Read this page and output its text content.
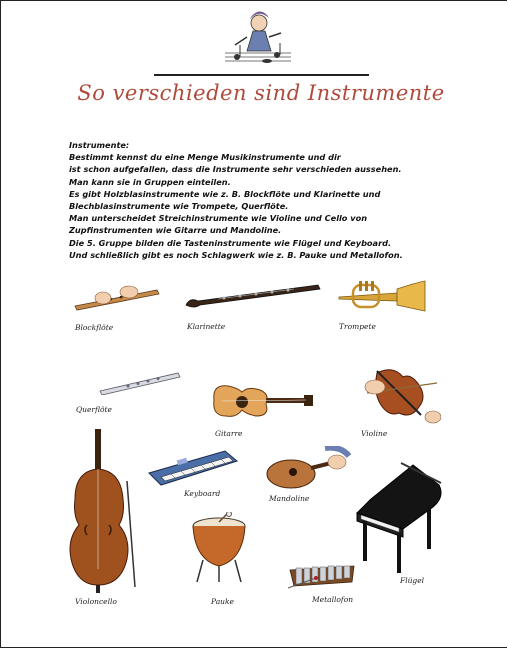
So verschieden sind Instrumente
Instrumente:
Bestimmt kennst du eine Menge Musikinstrumente und dir
ist schon aufgefallen, dass die Instrumente sehr verschieden aussehen.
Man kann sie in Gruppen einteilen.
Es gibt Holzblasinstrumente wie z. B. Blockflöte und Klarinette und
Blechblasinstrumente wie Trompete, Querflöte.
Man unterscheidet Streichinstrumente wie Violine und Cello von
Zupfinstrumenten wie Gitarre und Mandoline.
Die 5. Gruppe bilden die Tasteninstrumente wie Flügel und Keyboard.
Und schließlich gibt es noch Schlagwerk wie z. B. Pauke und Metallofon.
Blockflöte	Klarinette	Trompete
Querflöte
Gitarre	Violine
Violoncello
Keyboard
Mandoline
Flügel
Pauke	Metallofon
